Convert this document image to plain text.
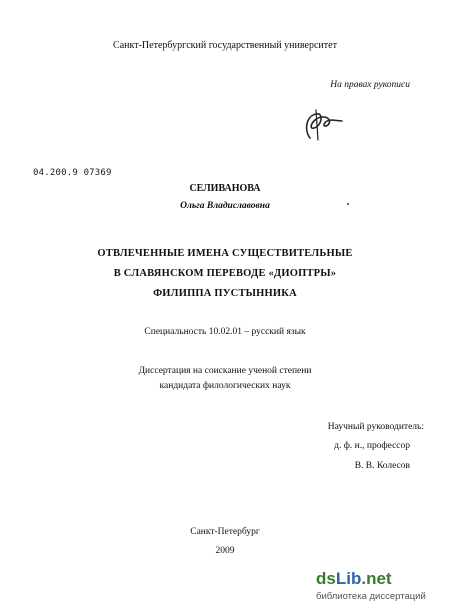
Санкт-Петербургский государственный университет
На правах рукописи
04.200.9 07369
СЕЛИВАНОВА
Ольга Владиславовна
ОТВЛЕЧЕННЫЕ ИМЕНА СУЩЕСТВИТЕЛЬНЫЕ
В СЛАВЯНСКОМ ПЕРЕВОДЕ «ДИОПТРЫ»
ФИЛИППА ПУСТЫННИКА
Специальность 10.02.01 – русский язык
Диссертация на соискание ученой степени
кандидата филологических наук
Научный руководитель:
д. ф. н., профессор
В. В. Колесов
Санкт-Петербург
2009
dsLib.net
библиотека диссертаций
